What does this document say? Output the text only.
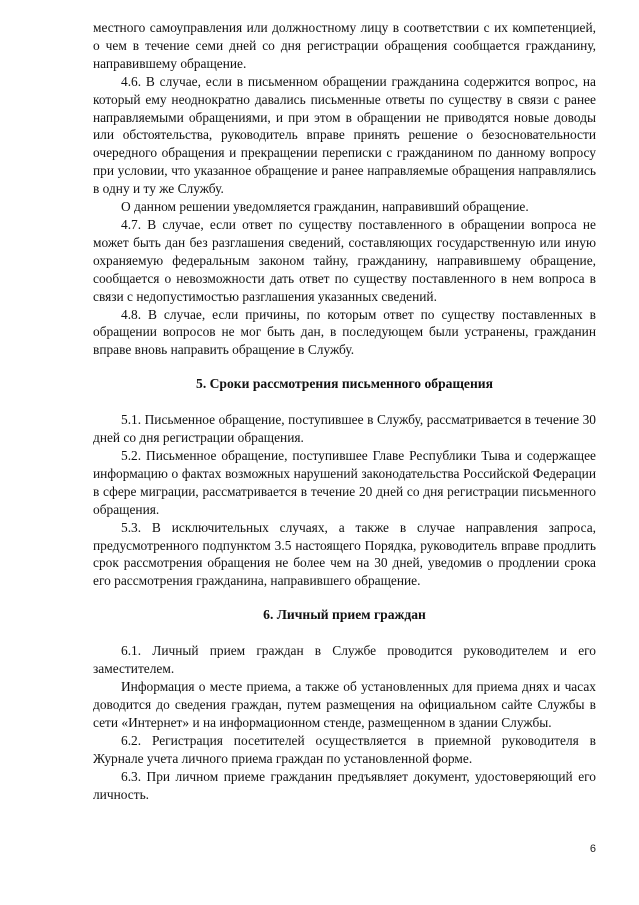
местного самоуправления или должностному лицу в соответствии с их компетенцией, о чем в течение семи дней со дня регистрации обращения сообщается гражданину, направившему обращение.

4.6. В случае, если в письменном обращении гражданина содержится вопрос, на который ему неоднократно давались письменные ответы по существу в связи с ранее направляемыми обращениями, и при этом в обращении не приводятся новые доводы или обстоятельства, руководитель вправе принять решение о безосновательности очередного обращения и прекращении переписки с гражданином по данному вопросу при условии, что указанное обращение и ранее направляемые обращения направлялись в одну и ту же Службу.

О данном решении уведомляется гражданин, направивший обращение.

4.7. В случае, если ответ по существу поставленного в обращении вопроса не может быть дан без разглашения сведений, составляющих государственную или иную охраняемую федеральным законом тайну, гражданину, направившему обращение, сообщается о невозможности дать ответ по существу поставленного в нем вопроса в связи с недопустимостью разглашения указанных сведений.

4.8. В случае, если причины, по которым ответ по существу поставленных в обращении вопросов не мог быть дан, в последующем были устранены, гражданин вправе вновь направить обращение в Службу.

5. Сроки рассмотрения письменного обращения

5.1. Письменное обращение, поступившее в Службу, рассматривается в течение 30 дней со дня регистрации обращения.

5.2. Письменное обращение, поступившее Главе Республики Тыва и содержащее информацию о фактах возможных нарушений законодательства Российской Федерации в сфере миграции, рассматривается в течение 20 дней со дня регистрации письменного обращения.

5.3. В исключительных случаях, а также в случае направления запроса, предусмотренного подпунктом 3.5 настоящего Порядка, руководитель вправе продлить срок рассмотрения обращения не более чем на 30 дней, уведомив о продлении срока его рассмотрения гражданина, направившего обращение.

6. Личный прием граждан

6.1. Личный прием граждан в Службе проводится руководителем и его заместителем.

Информация о месте приема, а также об установленных для приема днях и часах доводится до сведения граждан, путем размещения на официальном сайте Службы в сети «Интернет» и на информационном стенде, размещенном в здании Службы.

6.2. Регистрация посетителей осуществляется в приемной руководителя в Журнале учета личного приема граждан по установленной форме.

6.3. При личном приеме гражданин предъявляет документ, удостоверяющий его личность.

6
